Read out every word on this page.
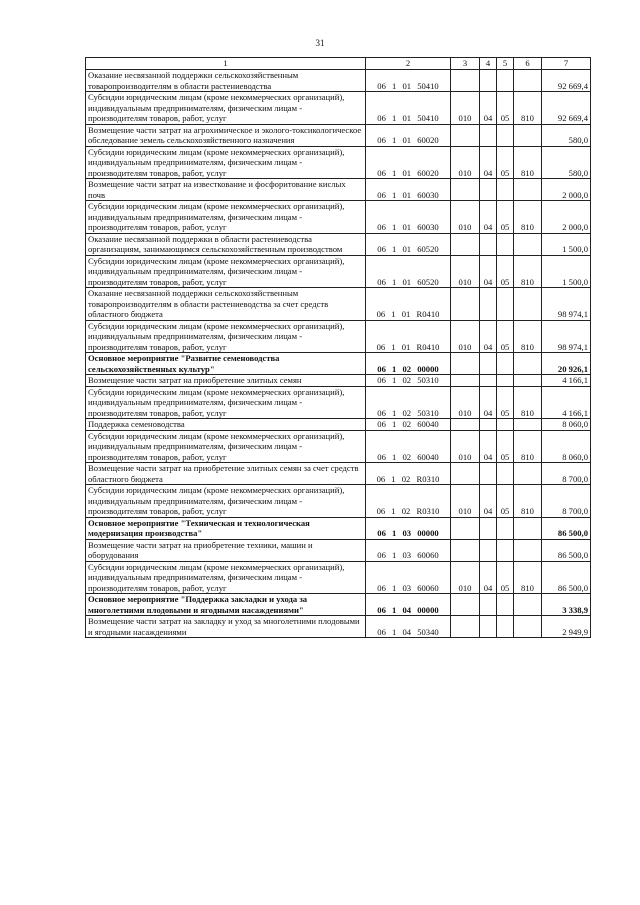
31
1	2	3	4	5	6	7
Оказание несвязанной поддержки сельскохозяйственным товаропроизводителям в области растениеводства	06 1 01 50410					92 669,4
Субсидии юридическим лицам (кроме некоммерческих организаций), индивидуальным предпринимателям, физическим лицам - производителям товаров, работ, услуг	06 1 01 50410	010	04	05	810	92 669,4
Возмещение части затрат на агрохимическое и эколого-токсикологическое обследование земель сельскохозяйственного назначения	06 1 01 60020					580,0
Субсидии юридическим лицам (кроме некоммерческих организаций), индивидуальным предпринимателям, физическим лицам - производителям товаров, работ, услуг	06 1 01 60020	010	04	05	810	580,0
Возмещение части затрат на известкование и фосфоритование кислых почв	06 1 01 60030					2 000,0
Субсидии юридическим лицам (кроме некоммерческих организаций), индивидуальным предпринимателям, физическим лицам - производителям товаров, работ, услуг	06 1 01 60030	010	04	05	810	2 000,0
Оказание несвязанной поддержки в области растениеводства организациям, занимающимся сельскохозяйственным производством	06 1 01 60520					1 500,0
Субсидии юридическим лицам (кроме некоммерческих организаций), индивидуальным предпринимателям, физическим лицам - производителям товаров, работ, услуг	06 1 01 60520	010	04	05	810	1 500,0
Оказание несвязанной поддержки сельскохозяйственным товаропроизводителям в области растениеводства за счет средств областного бюджета	06 1 01 R0410					98 974,1
Субсидии юридическим лицам (кроме некоммерческих организаций), индивидуальным предпринимателям, физическим лицам - производителям товаров, работ, услуг	06 1 01 R0410	010	04	05	810	98 974,1
Основное мероприятие "Развитие семеноводства сельскохозяйственных культур"	06 1 02 00000					20 926,1
Возмещение части затрат на приобретение элитных семян	06 1 02 50310					4 166,1
Субсидии юридическим лицам (кроме некоммерческих организаций), индивидуальным предпринимателям, физическим лицам - производителям товаров, работ, услуг	06 1 02 50310	010	04	05	810	4 166,1
Поддержка семеноводства	06 1 02 60040					8 060,0
Субсидии юридическим лицам (кроме некоммерческих организаций), индивидуальным предпринимателям, физическим лицам - производителям товаров, работ, услуг	06 1 02 60040	010	04	05	810	8 060,0
Возмещение части затрат на приобретение элитных семян за счет средств областного бюджета	06 1 02 R0310					8 700,0
Субсидии юридическим лицам (кроме некоммерческих организаций), индивидуальным предпринимателям, физическим лицам - производителям товаров, работ, услуг	06 1 02 R0310	010	04	05	810	8 700,0
Основное мероприятие "Техническая и технологическая модернизация производства"	06 1 03 00000					86 500,0
Возмещение части затрат на приобретение техники, машин и оборудования	06 1 03 60060					86 500,0
Субсидии юридическим лицам (кроме некоммерческих организаций), индивидуальным предпринимателям, физическим лицам - производителям товаров, работ, услуг	06 1 03 60060	010	04	05	810	86 500,0
Основное мероприятие "Поддержка закладки и ухода за многолетними плодовыми и ягодными насаждениями"	06 1 04 00000					3 338,9
Возмещение части затрат на закладку и уход за многолетними плодовыми и ягодными насаждениями	06 1 04 50340					2 949,9
